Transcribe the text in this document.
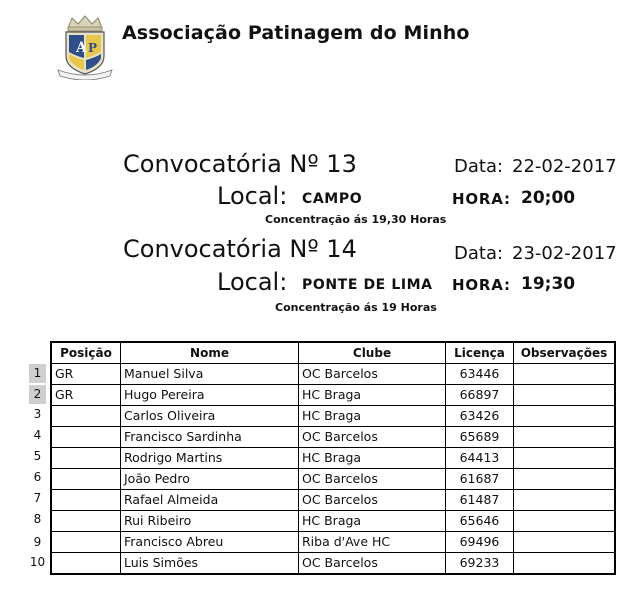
A P
Associação Patinagem do Minho
Convocatória Nº 13	Data: 22-02-2017
Local: CAMPO	HORA: 20;00
Concentração ás 19,30 Horas
Convocatória Nº 14	Data: 23-02-2017
Local: PONTE DE LIMA HORA: 19;30
Concentração ás 19 Horas
1
2
3
4
5
6
7
8
9
10
Posição	Nome	Clube	Licença	Observações
GR	Manuel Silva	OC Barcelos	63446	
GR	Hugo Pereira	HC Braga	66897	
	Carlos Oliveira	HC Braga	63426	
	Francisco Sardinha	OC Barcelos	65689	
	Rodrigo Martins	HC Braga	64413	
	João Pedro	OC Barcelos	61687	
	Rafael Almeida	OC Barcelos	61487	
	Rui Ribeiro	HC Braga	65646	
	Francisco Abreu	Riba d'Ave HC	69496	
	Luis Simões	OC Barcelos	69233	
